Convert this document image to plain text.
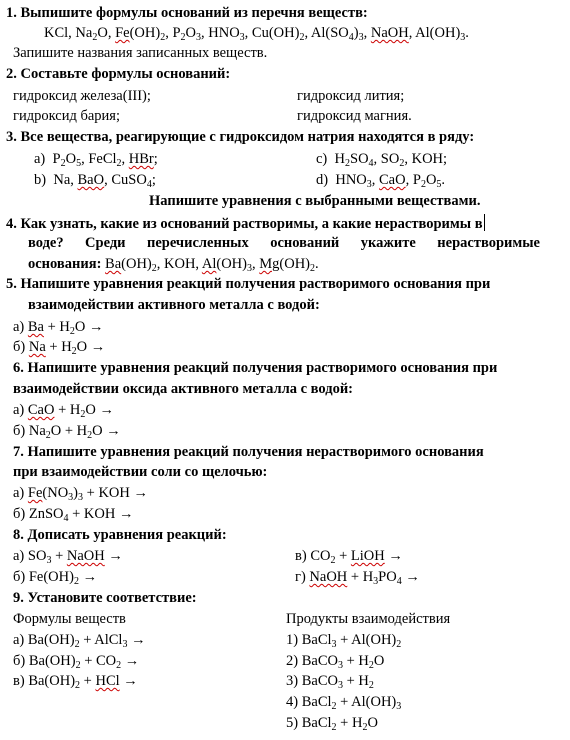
1. Выпишите формулы оснований из перечня веществ:
KCl, $Na_2O$, $Fe(OH)_2$, $P_2O_3$, $HNO_3$, $Cu(OH)_2$, $Al(SO_4)_3$, NaOH, $Al(OH)_3$.
Запишите названия записанных веществ.
2. Составьте формулы оснований:
гидроксид железа(III);	гидроксид лития;
гидроксид бария;	гидроксид магния.
3. Все вещества, реагирующие с гидроксидом натрия находятся в ряду:
a)  $P_2O_5$, FeCl$_2$, HBr;	c)  $H_2SO_4$, $SO_2$, KOH;
b)  Na, BaO, CuSO$_4$;	d)  $HNO_3$, CaO, $P_2O_5$.
Напишите уравнения с выбранными веществами.
4. Как узнать, какие из оснований растворимы, а какие нерастворимы в
воде? Среди перечисленных оснований укажите нерастворимые
основания: $Ba(OH)_2$, KOH, $Al(OH)_3$, $Mg(OH)_2$.
5. Напишите уравнения реакций получения растворимого основания при
взаимодействии активного металла с водой:
а) $Ba + H_2O$ →
б) $Na + H_2O$ →
6. Напишите уравнения реакций получения растворимого основания при
взаимодействии оксида активного металла с водой:
а) CaO + $H_2O$ →
б) $Na_2O + H_2O$ →
7. Напишите уравнения реакций получения нерастворимого основания
при взаимодействии соли со щелочью:
а) $Fe(NO_3)_3$ + KOH →
б) ZnSO$_4$ + KOH →
8. Дописать уравнения реакций:
а) $SO_3$ + NaOH →	в) $CO_2$ + LiOH →
б) $Fe(OH)_2$ →	г) NaOH + $H_3PO_4$ →
9. Установите соответствие:
Формулы веществ	Продукты взаимодействия
а) $Ba(OH)_2$ + AlCl$_3$ →	1) BaCl$_3$ + $Al(OH)_2$
б) $Ba(OH)_2 + CO_2$ →	2) BaCO$_3$ + $H_2O$
в) $Ba(OH)_2$ + HCl →	3) BaCO$_3$ + $H_2$
4) BaCl$_2$ + $Al(OH)_3$
5) BaCl$_2$ + $H_2O$
